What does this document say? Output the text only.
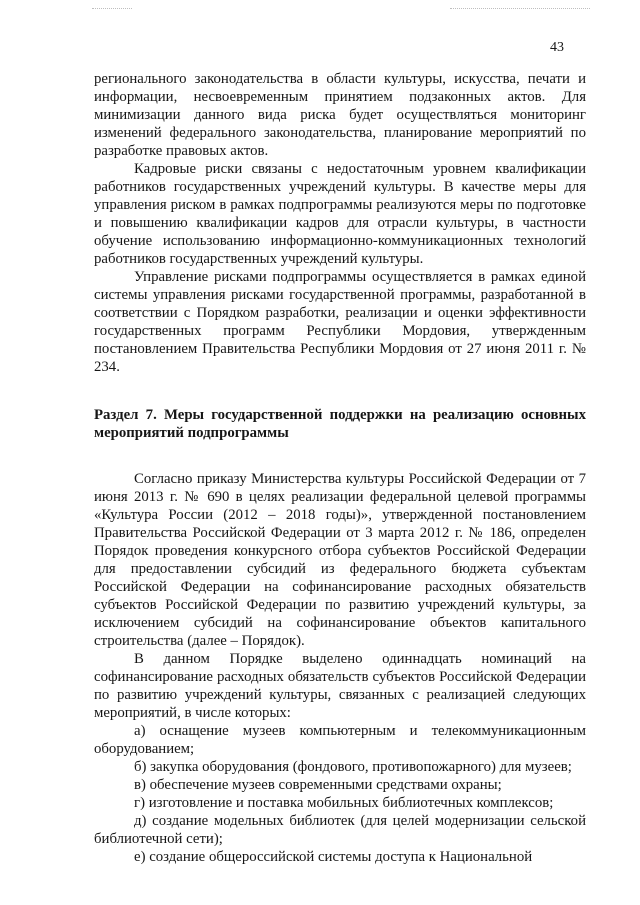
43

регионального законодательства в области культуры, искусства, печати и информации, несвоевременным принятием подзаконных актов. Для минимизации данного вида риска будет осуществляться мониторинг изменений федерального законодательства, планирование мероприятий по разработке правовых актов.

Кадровые риски связаны с недостаточным уровнем квалификации работников государственных учреждений культуры. В качестве меры для управления риском в рамках подпрограммы реализуются меры по подготовке и повышению квалификации кадров для отрасли культуры, в частности обучение использованию информационно-коммуникационных технологий работников государственных учреждений культуры.

Управление рисками подпрограммы осуществляется в рамках единой системы управления рисками государственной программы, разработанной в соответствии с Порядком разработки, реализации и оценки эффективности государственных программ Республики Мордовия, утвержденным постановлением Правительства Республики Мордовия от 27 июня 2011 г. № 234.

Раздел 7. Меры государственной поддержки на реализацию основных мероприятий подпрограммы

Согласно приказу Министерства культуры Российской Федерации от 7 июня 2013 г. № 690 в целях реализации федеральной целевой программы «Культура России (2012 – 2018 годы)», утвержденной постановлением Правительства Российской Федерации от 3 марта 2012 г. № 186, определен Порядок проведения конкурсного отбора субъектов Российской Федерации для предоставлении субсидий из федерального бюджета субъектам Российской Федерации на софинансирование расходных обязательств субъектов Российской Федерации по развитию учреждений культуры, за исключением субсидий на софинансирование объектов капитального строительства (далее – Порядок).

В данном Порядке выделено одиннадцать номинаций на софинансирование расходных обязательств субъектов Российской Федерации по развитию учреждений культуры, связанных с реализацией следующих мероприятий, в числе которых:

а) оснащение музеев компьютерным и телекоммуникационным оборудованием;

б) закупка оборудования (фондового, противопожарного) для музеев;

в) обеспечение музеев современными средствами охраны;

г) изготовление и поставка мобильных библиотечных комплексов;

д) создание модельных библиотек (для целей модернизации сельской библиотечной сети);

е) создание общероссийской системы доступа к Национальной
